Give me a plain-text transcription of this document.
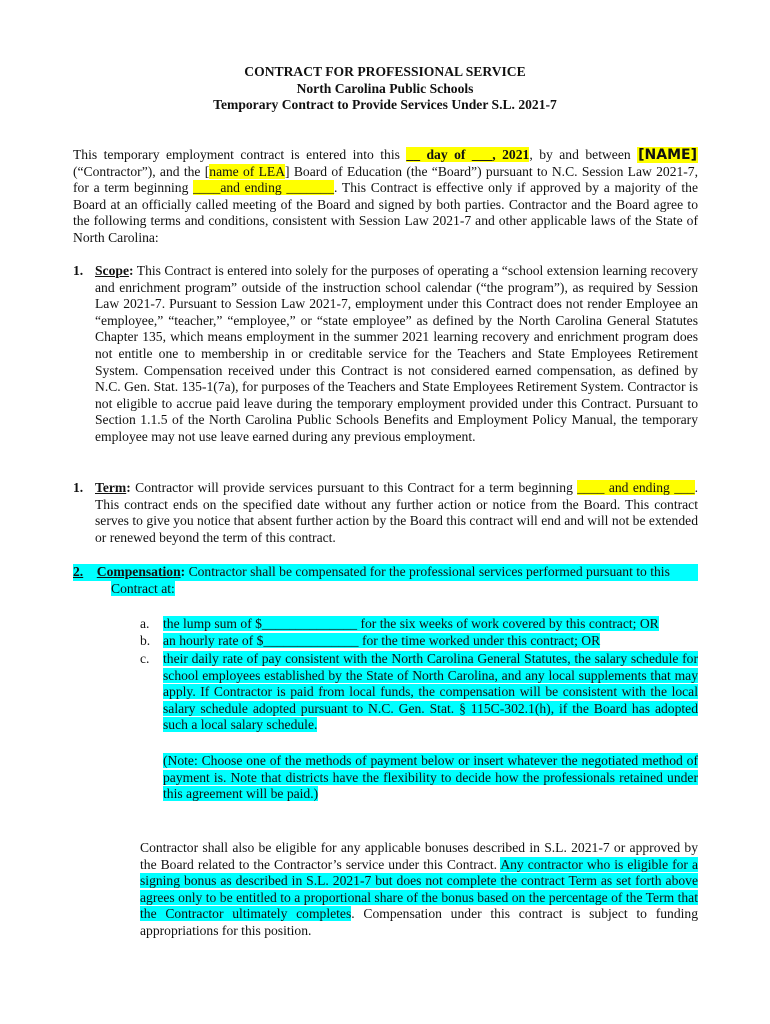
CONTRACT FOR PROFESSIONAL SERVICE
North Carolina Public Schools
Temporary Contract to Provide Services Under S.L. 2021-7
This temporary employment contract is entered into this __ day of ___, 2021, by and between [NAME] (“Contractor”), and the [name of LEA] Board of Education (the “Board”) pursuant to N.C. Session Law 2021-7, for a term beginning ____and ending _______. This Contract is effective only if approved by a majority of the Board at an officially called meeting of the Board and signed by both parties. Contractor and the Board agree to the following terms and conditions, consistent with Session Law 2021-7 and other applicable laws of the State of North Carolina:
1. Scope: This Contract is entered into solely for the purposes of operating a “school extension learning recovery and enrichment program” outside of the instruction school calendar (“the program”), as required by Session Law 2021-7. Pursuant to Session Law 2021-7, employment under this Contract does not render Employee an “employee,” “teacher,” “employee,” or “state employee” as defined by the North Carolina General Statutes Chapter 135, which means employment in the summer 2021 learning recovery and enrichment program does not entitle one to membership in or creditable service for the Teachers and State Employees Retirement System. Compensation received under this Contract is not considered earned compensation, as defined by N.C. Gen. Stat. 135-1(7a), for purposes of the Teachers and State Employees Retirement System. Contractor is not eligible to accrue paid leave during the temporary employment provided under this Contract. Pursuant to Section 1.1.5 of the North Carolina Public Schools Benefits and Employment Policy Manual, the temporary employee may not use leave earned during any previous employment.
1. Term: Contractor will provide services pursuant to this Contract for a term beginning ____ and ending ___. This contract ends on the specified date without any further action or notice from the Board. This contract serves to give you notice that absent further action by the Board this contract will end and will not be extended or renewed beyond the term of this contract.
2. Compensation: Contractor shall be compensated for the professional services performed pursuant to this
Contract at:
a. the lump sum of $______________ for the six weeks of work covered by this contract; OR
b. an hourly rate of $______________ for the time worked under this contract; OR
c. their daily rate of pay consistent with the North Carolina General Statutes, the salary schedule for school employees established by the State of North Carolina, and any local supplements that may apply. If Contractor is paid from local funds, the compensation will be consistent with the local salary schedule adopted pursuant to N.C. Gen. Stat. § 115C-302.1(h), if the Board has adopted such a local salary schedule.
(Note: Choose one of the methods of payment below or insert whatever the negotiated method of payment is. Note that districts have the flexibility to decide how the professionals retained under this agreement will be paid.)
Contractor shall also be eligible for any applicable bonuses described in S.L. 2021-7 or approved by the Board related to the Contractor’s service under this Contract. Any contractor who is eligible for a signing bonus as described in S.L. 2021-7 but does not complete the contract Term as set forth above agrees only to be entitled to a proportional share of the bonus based on the percentage of the Term that the Contractor ultimately completes. Compensation under this contract is subject to funding appropriations for this position.
